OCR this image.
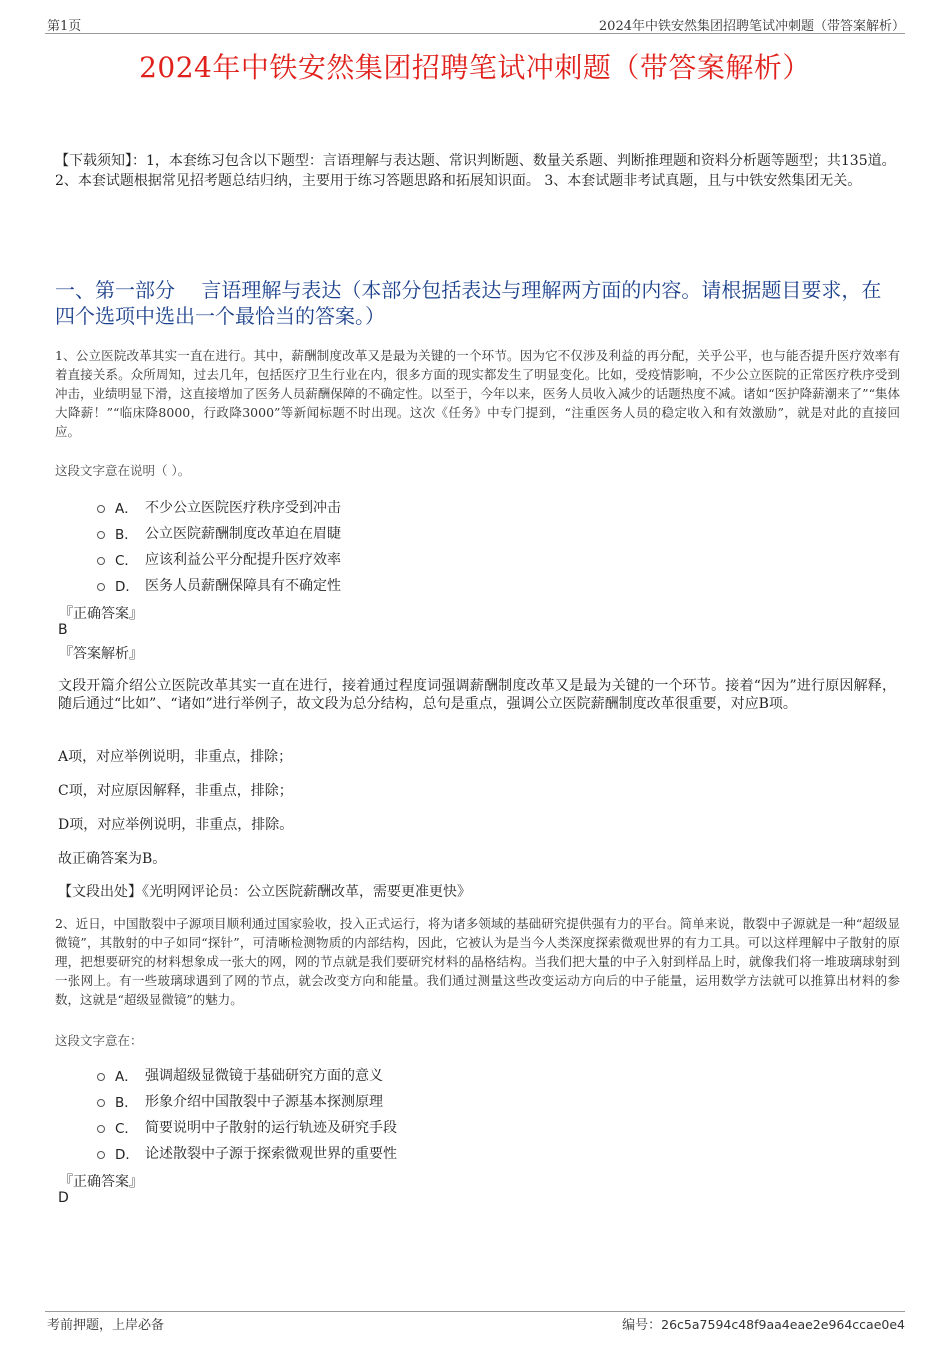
第1页	2024年中铁安然集团招聘笔试冲刺题（带答案解析）
2024年中铁安然集团招聘笔试冲刺题（带答案解析）
【下载须知】：1，本套练习包含以下题型：言语理解与表达题、常识判断题、数量关系题、判断推理题和资料分析题等题型；共135道。 2、本套试题根据常见招考题总结归纳，主要用于练习答题思路和拓展知识面。 3、本套试题非考试真题，且与中铁安然集团无关。
一、第一部分　 言语理解与表达（本部分包括表达与理解两方面的内容。请根据题目要求，在四个选项中选出一个最恰当的答案。）
1、公立医院改革其实一直在进行。其中，薪酬制度改革又是最为关键的一个环节。因为它不仅涉及利益的再分配，关乎公平，也与能否提升医疗效率有着直接关系。众所周知，过去几年，包括医疗卫生行业在内，很多方面的现实都发生了明显变化。比如，受疫情影响，不少公立医院的正常医疗秩序受到冲击，业绩明显下滑，这直接增加了医务人员薪酬保障的不确定性。以至于，今年以来，医务人员收入减少的话题热度不减。诸如“医护降薪潮来了”“集体大降薪！”“临床降8000，行政降3000”等新闻标题不时出现。这次《任务》中专门提到，“注重医务人员的稳定收入和有效激励”，就是对此的直接回应。
这段文字意在说明（ ）。
A． 不少公立医院医疗秩序受到冲击
B． 公立医院薪酬制度改革迫在眉睫
C． 应该利益公平分配提升医疗效率
D． 医务人员薪酬保障具有不确定性
『正确答案』
B
『答案解析』
文段开篇介绍公立医院改革其实一直在进行，接着通过程度词强调薪酬制度改革又是最为关键的一个环节。接着“因为”进行原因解释，随后通过“比如”、“诸如”进行举例子，故文段为总分结构，总句是重点，强调公立医院薪酬制度改革很重要，对应B项。
A项，对应举例说明，非重点，排除；
C项，对应原因解释，非重点，排除；
D项，对应举例说明，非重点，排除。
故正确答案为B。
【文段出处】《光明网评论员：公立医院薪酬改革，需要更准更快》
2、近日，中国散裂中子源项目顺利通过国家验收，投入正式运行，将为诸多领域的基础研究提供强有力的平台。简单来说，散裂中子源就是一种“超级显微镜”，其散射的中子如同“探针”，可清晰检测物质的内部结构，因此，它被认为是当今人类深度探索微观世界的有力工具。可以这样理解中子散射的原理，把想要研究的材料想象成一张大的网，网的节点就是我们要研究材料的晶格结构。当我们把大量的中子入射到样品上时，就像我们将一堆玻璃球射到一张网上。有一些玻璃球遇到了网的节点，就会改变方向和能量。我们通过测量这些改变运动方向后的中子能量，运用数学方法就可以推算出材料的参数，这就是“超级显微镜”的魅力。
这段文字意在：
A． 强调超级显微镜于基础研究方面的意义
B． 形象介绍中国散裂中子源基本探测原理
C． 简要说明中子散射的运行轨迹及研究手段
D． 论述散裂中子源于探索微观世界的重要性
『正确答案』
D
考前押题，上岸必备	编号：26c5a7594c48f9aa4eae2e964ccae0e4
